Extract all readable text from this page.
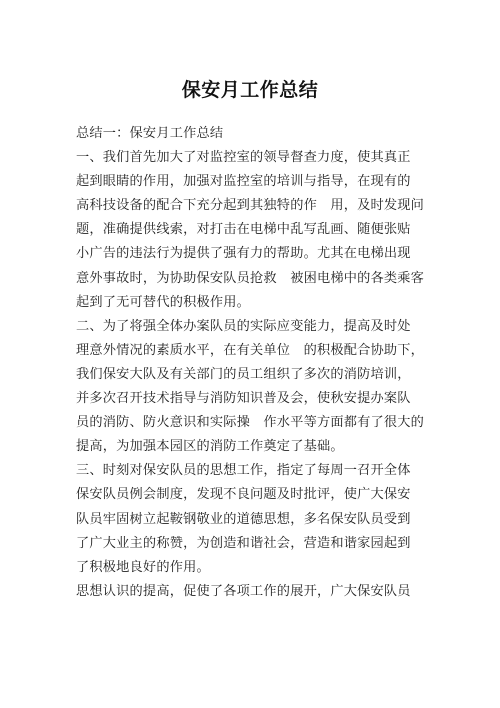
保安月工作总结
总结一：保安月工作总结
一、我们首先加大了对监控室的领导督查力度，使其真正
起到眼睛的作用，加强对监控室的培训与指导，在现有的
高科技设备的配合下充分起到其独特的作　用，及时发现问
题，准确提供线索，对打击在电梯中乱写乱画、随便张贴
小广告的违法行为提供了强有力的帮助。尤其在电梯出现
意外事故时，为协助保安队员抢救　被困电梯中的各类乘客
起到了无可替代的积极作用。
二、为了将强全体办案队员的实际应变能力，提高及时处
理意外情况的素质水平，在有关单位　的积极配合协助下，
我们保安大队及有关部门的员工组织了多次的消防培训，
并多次召开技术指导与消防知识普及会，使秋安提办案队
员的消防、防火意识和实际操　作水平等方面都有了很大的
提高，为加强本园区的消防工作奠定了基础。
三、时刻对保安队员的思想工作，指定了每周一召开全体
保安队员例会制度，发现不良问题及时批评，使广大保安
队员牢固树立起鞍钢敬业的道德思想，多名保安队员受到
了广大业主的称赞，为创造和谐社会，营造和谐家园起到
了积极地良好的作用。
思想认识的提高，促使了各项工作的展开，广大保安队员
